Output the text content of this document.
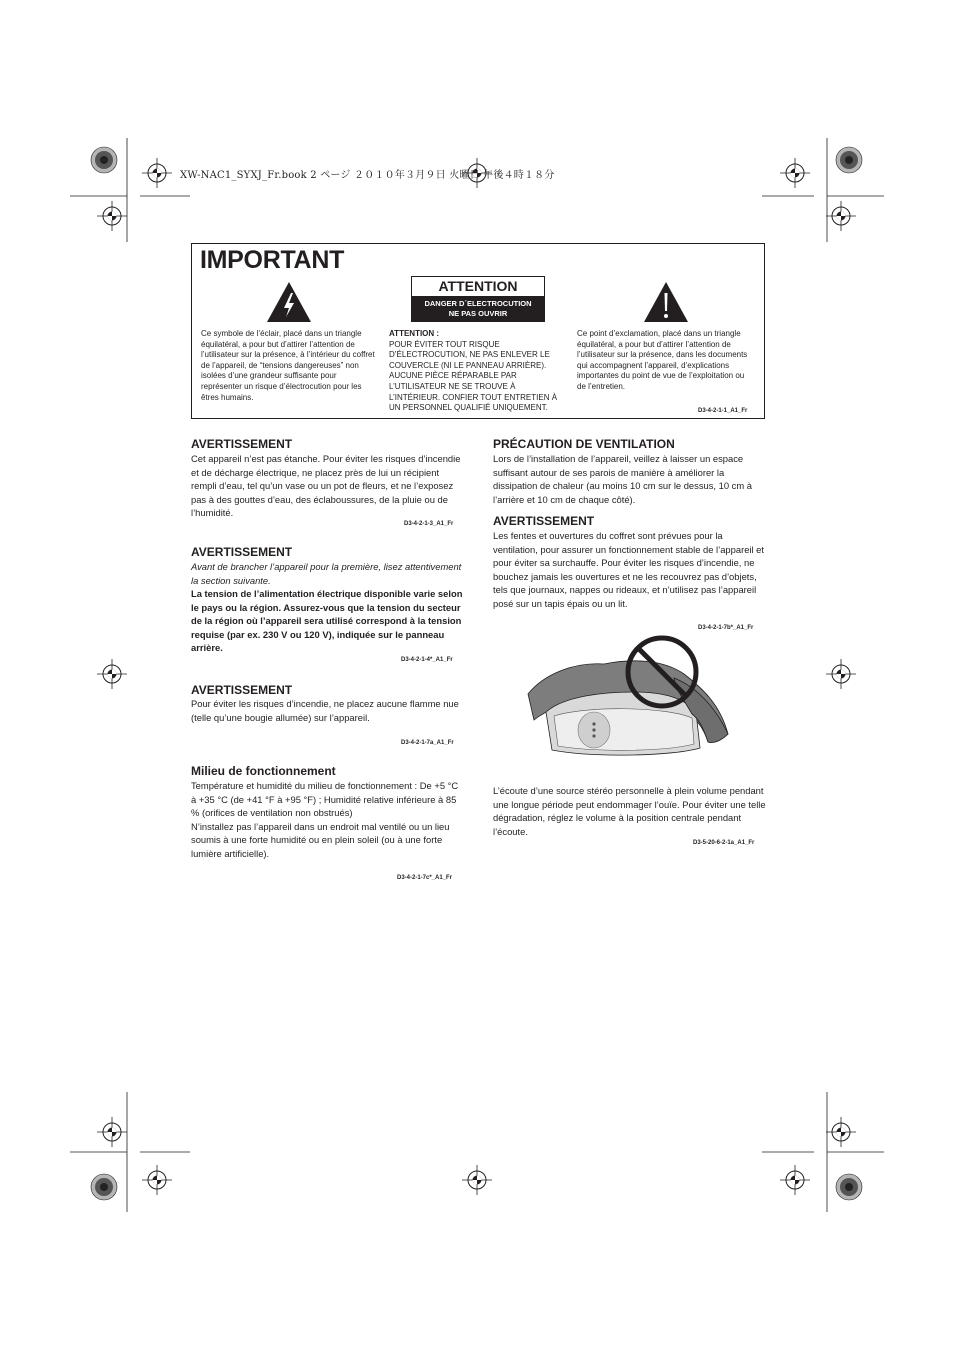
XW-NAC1_SYXJ_Fr.book 2 ページ ２０１０年３月９日 火曜日 午後４時１８分
IMPORTANT
ATTENTION
DANGER D´ELECTROCUTION
NE PAS OUVRIR
Ce symbole de l’éclair, placé dans un triangle équilatéral, a pour but d’attirer l’attention de l’utilisateur sur la présence, à l’intérieur du coffret de l’appareil, de “tensions dangereuses” non isolées d’une grandeur suffisante pour représenter un risque d’électrocution pour les êtres humains.
ATTENTION :
POUR ÉVITER TOUT RISQUE D’ÉLECTROCUTION, NE PAS ENLEVER LE COUVERCLE (NI LE PANNEAU ARRIÈRE). AUCUNE PIÈCE RÉPARABLE PAR L’UTILISATEUR NE SE TROUVE À L’INTÉRIEUR. CONFIER TOUT ENTRETIEN À UN PERSONNEL QUALIFIÉ UNIQUEMENT.
Ce point d’exclamation, placé dans un triangle équilatéral, a pour but d’attirer l’attention de l’utilisateur sur la présence, dans les documents qui accompagnent l’appareil, d’explications importantes du point de vue de l’exploitation ou de l’entretien.
D3-4-2-1-1_A1_Fr
AVERTISSEMENT
Cet appareil n’est pas étanche. Pour éviter les risques d’incendie et de décharge électrique, ne placez près de lui un récipient rempli d’eau, tel qu’un vase ou un pot de fleurs, et ne l’exposez pas à des gouttes d’eau, des éclaboussures, de la pluie ou de l’humidité.
D3-4-2-1-3_A1_Fr
AVERTISSEMENT
Avant de brancher l’appareil pour la première, lisez attentivement la section suivante.
La tension de l’alimentation électrique disponible varie selon le pays ou la région. Assurez-vous que la tension du secteur de la région où l’appareil sera utilisé correspond à la tension requise (par ex. 230 V ou 120 V), indiquée sur le panneau arrière.
D3-4-2-1-4*_A1_Fr
AVERTISSEMENT
Pour éviter les risques d’incendie, ne placez aucune flamme nue (telle qu’une bougie allumée) sur l’appareil.
D3-4-2-1-7a_A1_Fr
Milieu de fonctionnement
Température et humidité du milieu de fonctionnement : De +5 °C à +35 °C (de +41 °F à +95 °F) ; Humidité relative inférieure à 85 % (orifices de ventilation non obstrués)
N’installez pas l’appareil dans un endroit mal ventilé ou un lieu soumis à une forte humidité ou en plein soleil (ou à une forte lumière artificielle).
D3-4-2-1-7c*_A1_Fr
PRÉCAUTION DE VENTILATION
Lors de l’installation de l’appareil, veillez à laisser un espace suffisant autour de ses parois de manière à améliorer la dissipation de chaleur (au moins 10 cm sur le dessus, 10 cm à l’arrière et 10 cm de chaque côté).
AVERTISSEMENT
Les fentes et ouvertures du coffret sont prévues pour la ventilation, pour assurer un fonctionnement stable de l’appareil et pour éviter sa surchauffe. Pour éviter les risques d’incendie, ne bouchez jamais les ouvertures et ne les recouvrez pas d’objets, tels que journaux, nappes ou rideaux, et n’utilisez pas l’appareil posé sur un tapis épais ou un lit.
D3-4-2-1-7b*_A1_Fr
L’écoute d’une source stéréo personnelle à plein volume pendant une longue période peut endommager l’ouïe. Pour éviter une telle dégradation, réglez le volume à la position centrale pendant l’écoute.
D3-5-20-6-2-1a_A1_Fr
